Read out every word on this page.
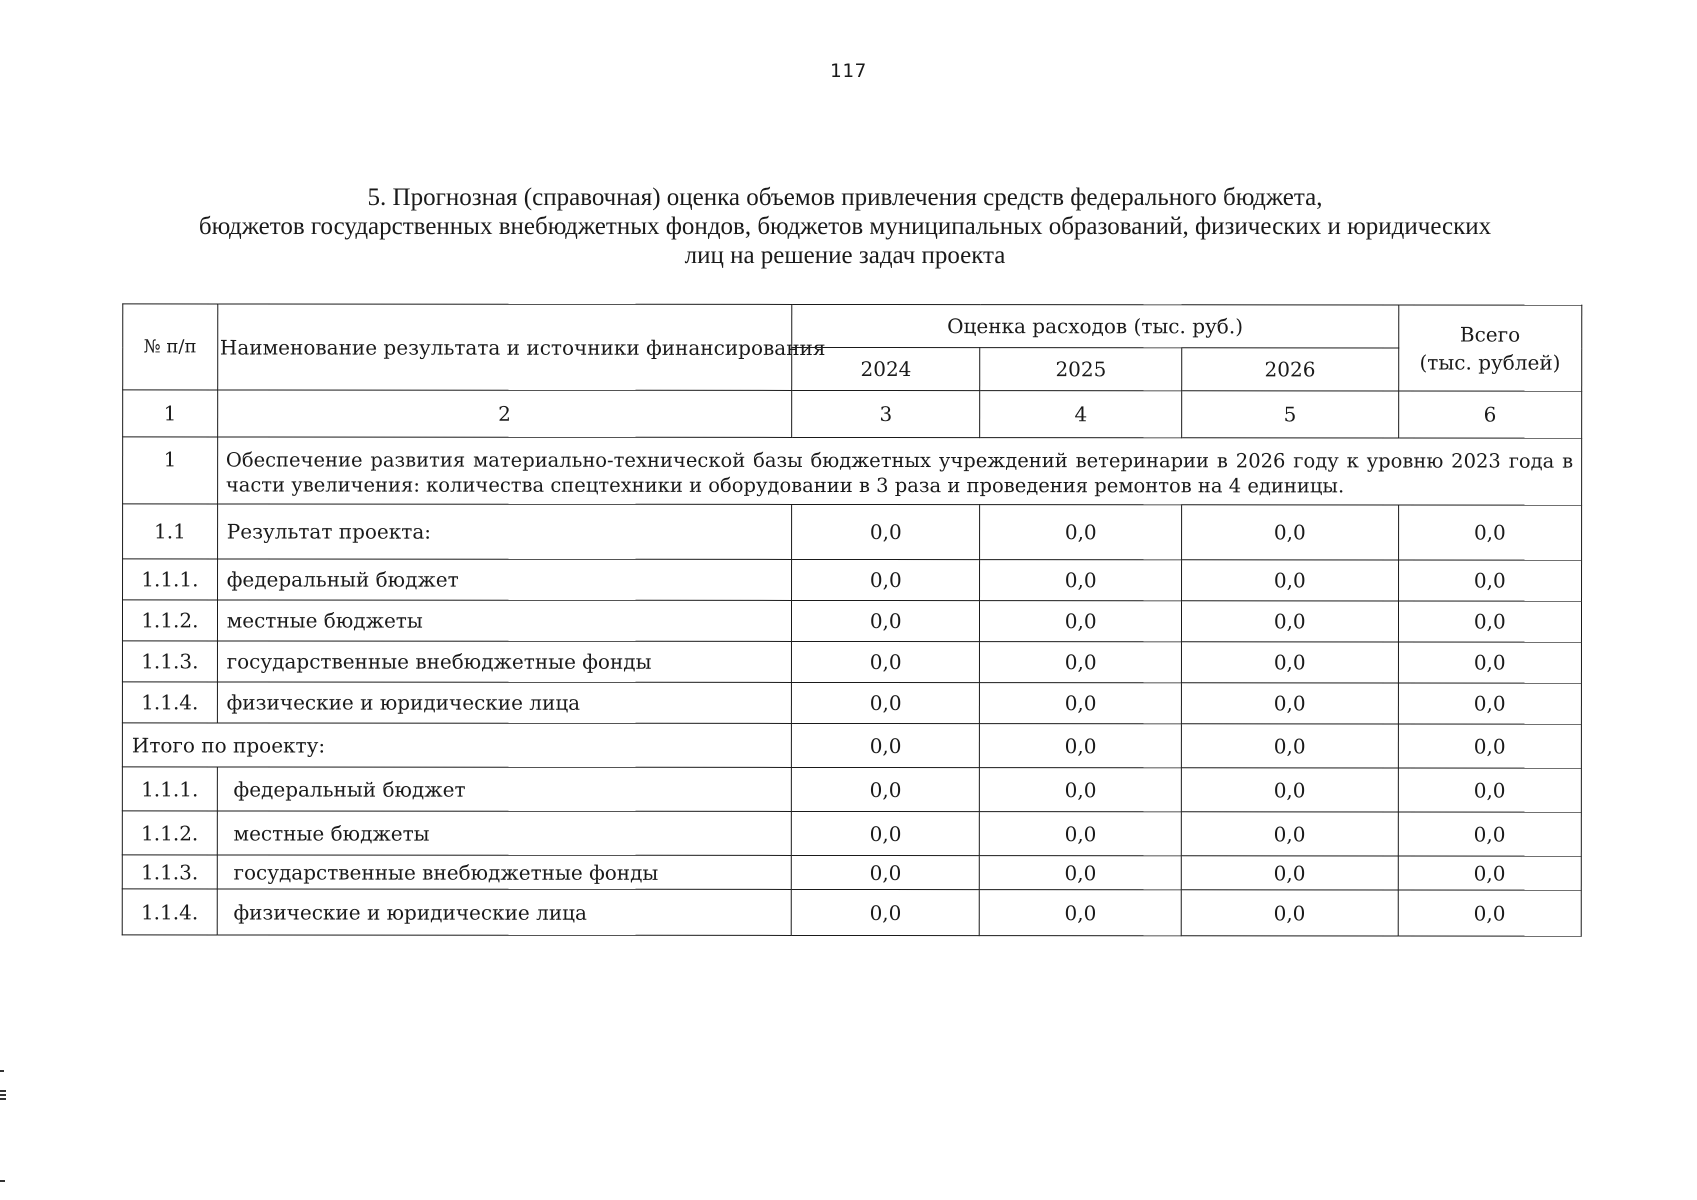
117
5. Прогнозная (справочная) оценка объемов привлечения средств федерального бюджета,
бюджетов государственных внебюджетных фондов, бюджетов муниципальных образований, физических и юридических
лиц на решение задач проекта
№ п/п	Наименование результата и источники финансирования	Оценка расходов (тыс. руб.)			Всего
(тыс. рублей)
		2024	2025	2026	
1	2	3	4	5	6
1	Обеспечение развития материально-технической базы бюджетных учреждений ветеринарии в 2026 году к уровню 2023 года в части увеличения: количества спецтехники и оборудовании в 3 раза и проведения ремонтов на 4 единицы.				
1.1	Результат проекта:	0,0	0,0	0,0	0,0
1.1.1.	федеральный бюджет	0,0	0,0	0,0	0,0
1.1.2.	местные бюджеты	0,0	0,0	0,0	0,0
1.1.3.	государственные внебюджетные фонды	0,0	0,0	0,0	0,0
1.1.4.	физические и юридические лица	0,0	0,0	0,0	0,0
Итого по проекту:		0,0	0,0	0,0	0,0
1.1.1.	федеральный бюджет	0,0	0,0	0,0	0,0
1.1.2.	местные бюджеты	0,0	0,0	0,0	0,0
1.1.3.	государственные внебюджетные фонды	0,0	0,0	0,0	0,0
1.1.4.	физические и юридические лица	0,0	0,0	0,0	0,0
